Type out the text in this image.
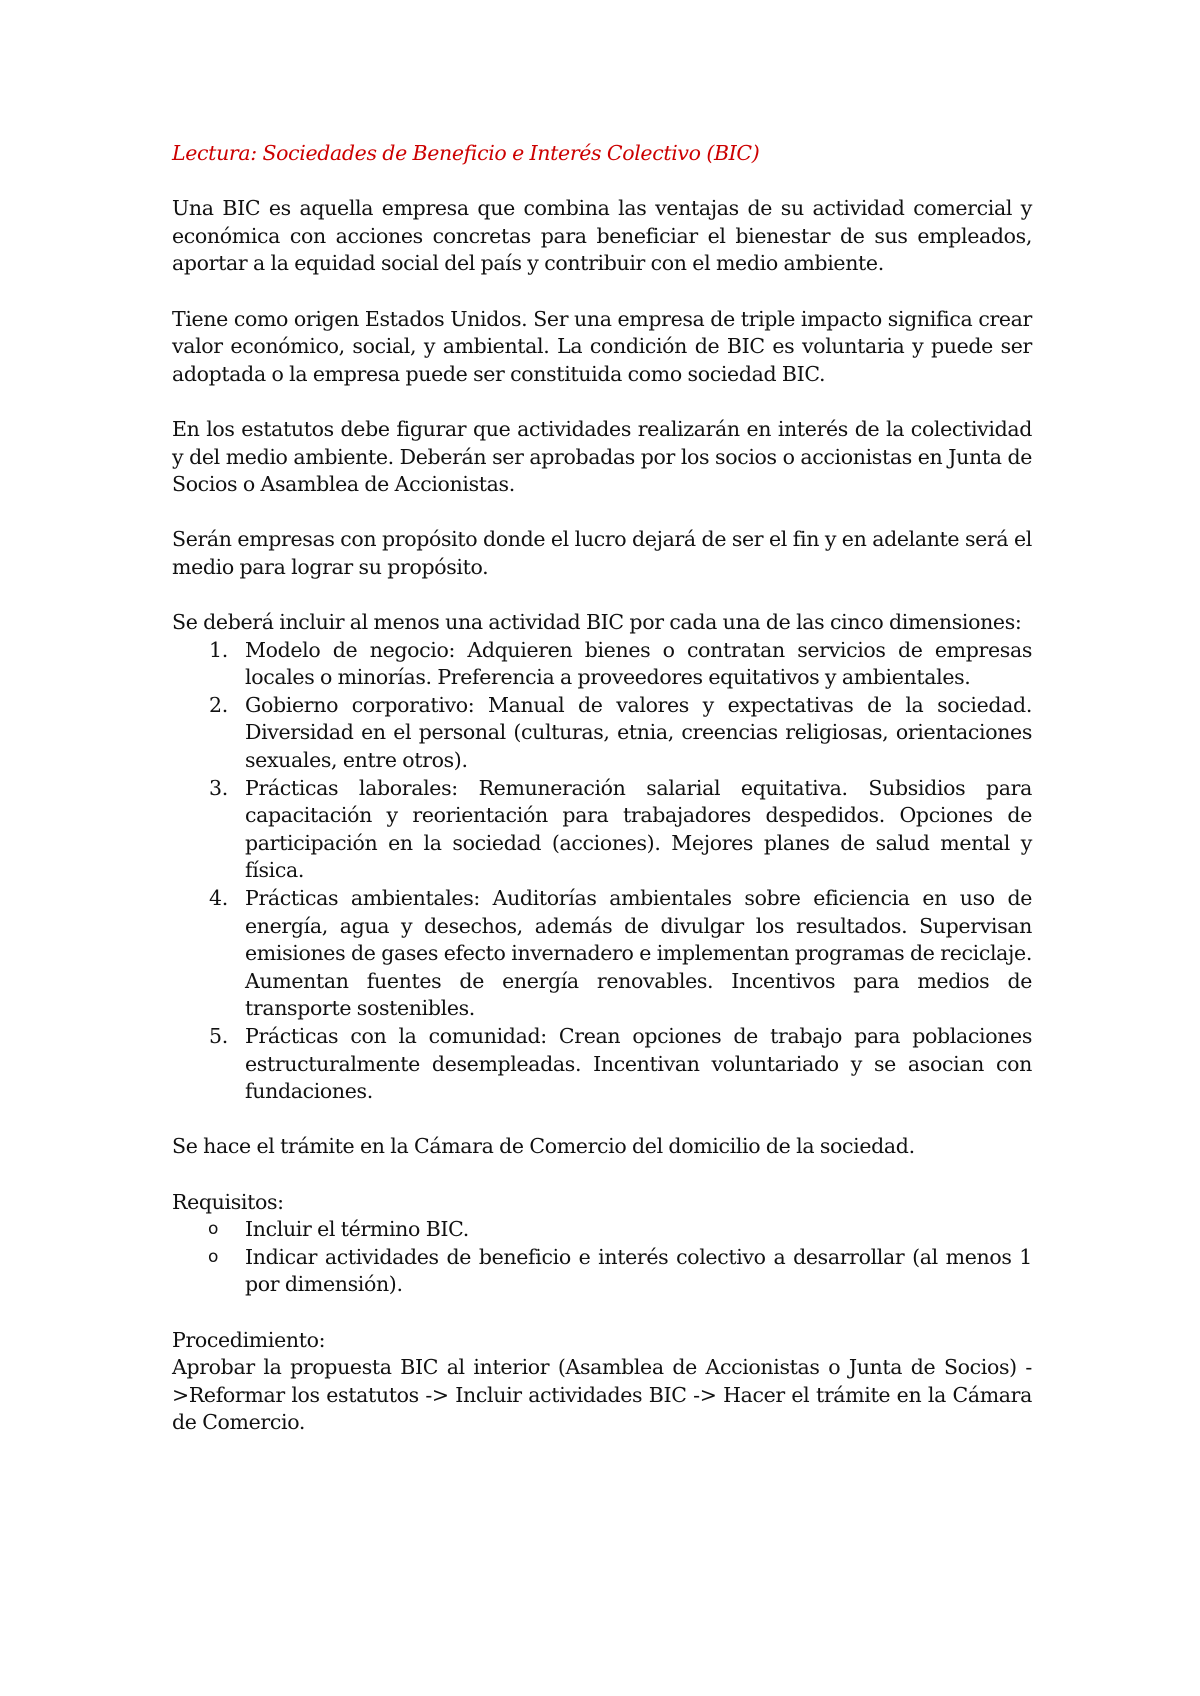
Lectura: Sociedades de Beneficio e Interés Colectivo (BIC)

Una BIC es aquella empresa que combina las ventajas de su actividad comercial y económica con acciones concretas para beneficiar el bienestar de sus empleados, aportar a la equidad social del país y contribuir con el medio ambiente.

Tiene como origen Estados Unidos. Ser una empresa de triple impacto significa crear valor económico, social, y ambiental. La condición de BIC es voluntaria y puede ser adoptada o la empresa puede ser constituida como sociedad BIC.

En los estatutos debe figurar que actividades realizarán en interés de la colectividad y del medio ambiente. Deberán ser aprobadas por los socios o accionistas en Junta de Socios o Asamblea de Accionistas.

Serán empresas con propósito donde el lucro dejará de ser el fin y en adelante será el medio para lograr su propósito.

Se deberá incluir al menos una actividad BIC por cada una de las cinco dimensiones:

Modelo de negocio: Adquieren bienes o contratan servicios de empresas locales o minorías. Preferencia a proveedores equitativos y ambientales.
Gobierno corporativo: Manual de valores y expectativas de la sociedad. Diversidad en el personal (culturas, etnia, creencias religiosas, orientaciones sexuales, entre otros).
Prácticas laborales: Remuneración salarial equitativa. Subsidios para capacitación y reorientación para trabajadores despedidos. Opciones de participación en la sociedad (acciones). Mejores planes de salud mental y física.
Prácticas ambientales: Auditorías ambientales sobre eficiencia en uso de energía, agua y desechos, además de divulgar los resultados. Supervisan emisiones de gases efecto invernadero e implementan programas de reciclaje. Aumentan fuentes de energía renovables. Incentivos para medios de transporte sostenibles.
Prácticas con la comunidad: Crean opciones de trabajo para poblaciones estructuralmente desempleadas. Incentivan voluntariado y se asocian con fundaciones.

Se hace el trámite en la Cámara de Comercio del domicilio de la sociedad.

Requisitos:

o Incluir el término BIC.
o Indicar actividades de beneficio e interés colectivo a desarrollar (al menos 1 por dimensión).

Procedimiento:

Aprobar la propuesta BIC al interior (Asamblea de Accionistas o Junta de Socios) ->Reformar los estatutos -> Incluir actividades BIC -> Hacer el trámite en la Cámara de Comercio.
